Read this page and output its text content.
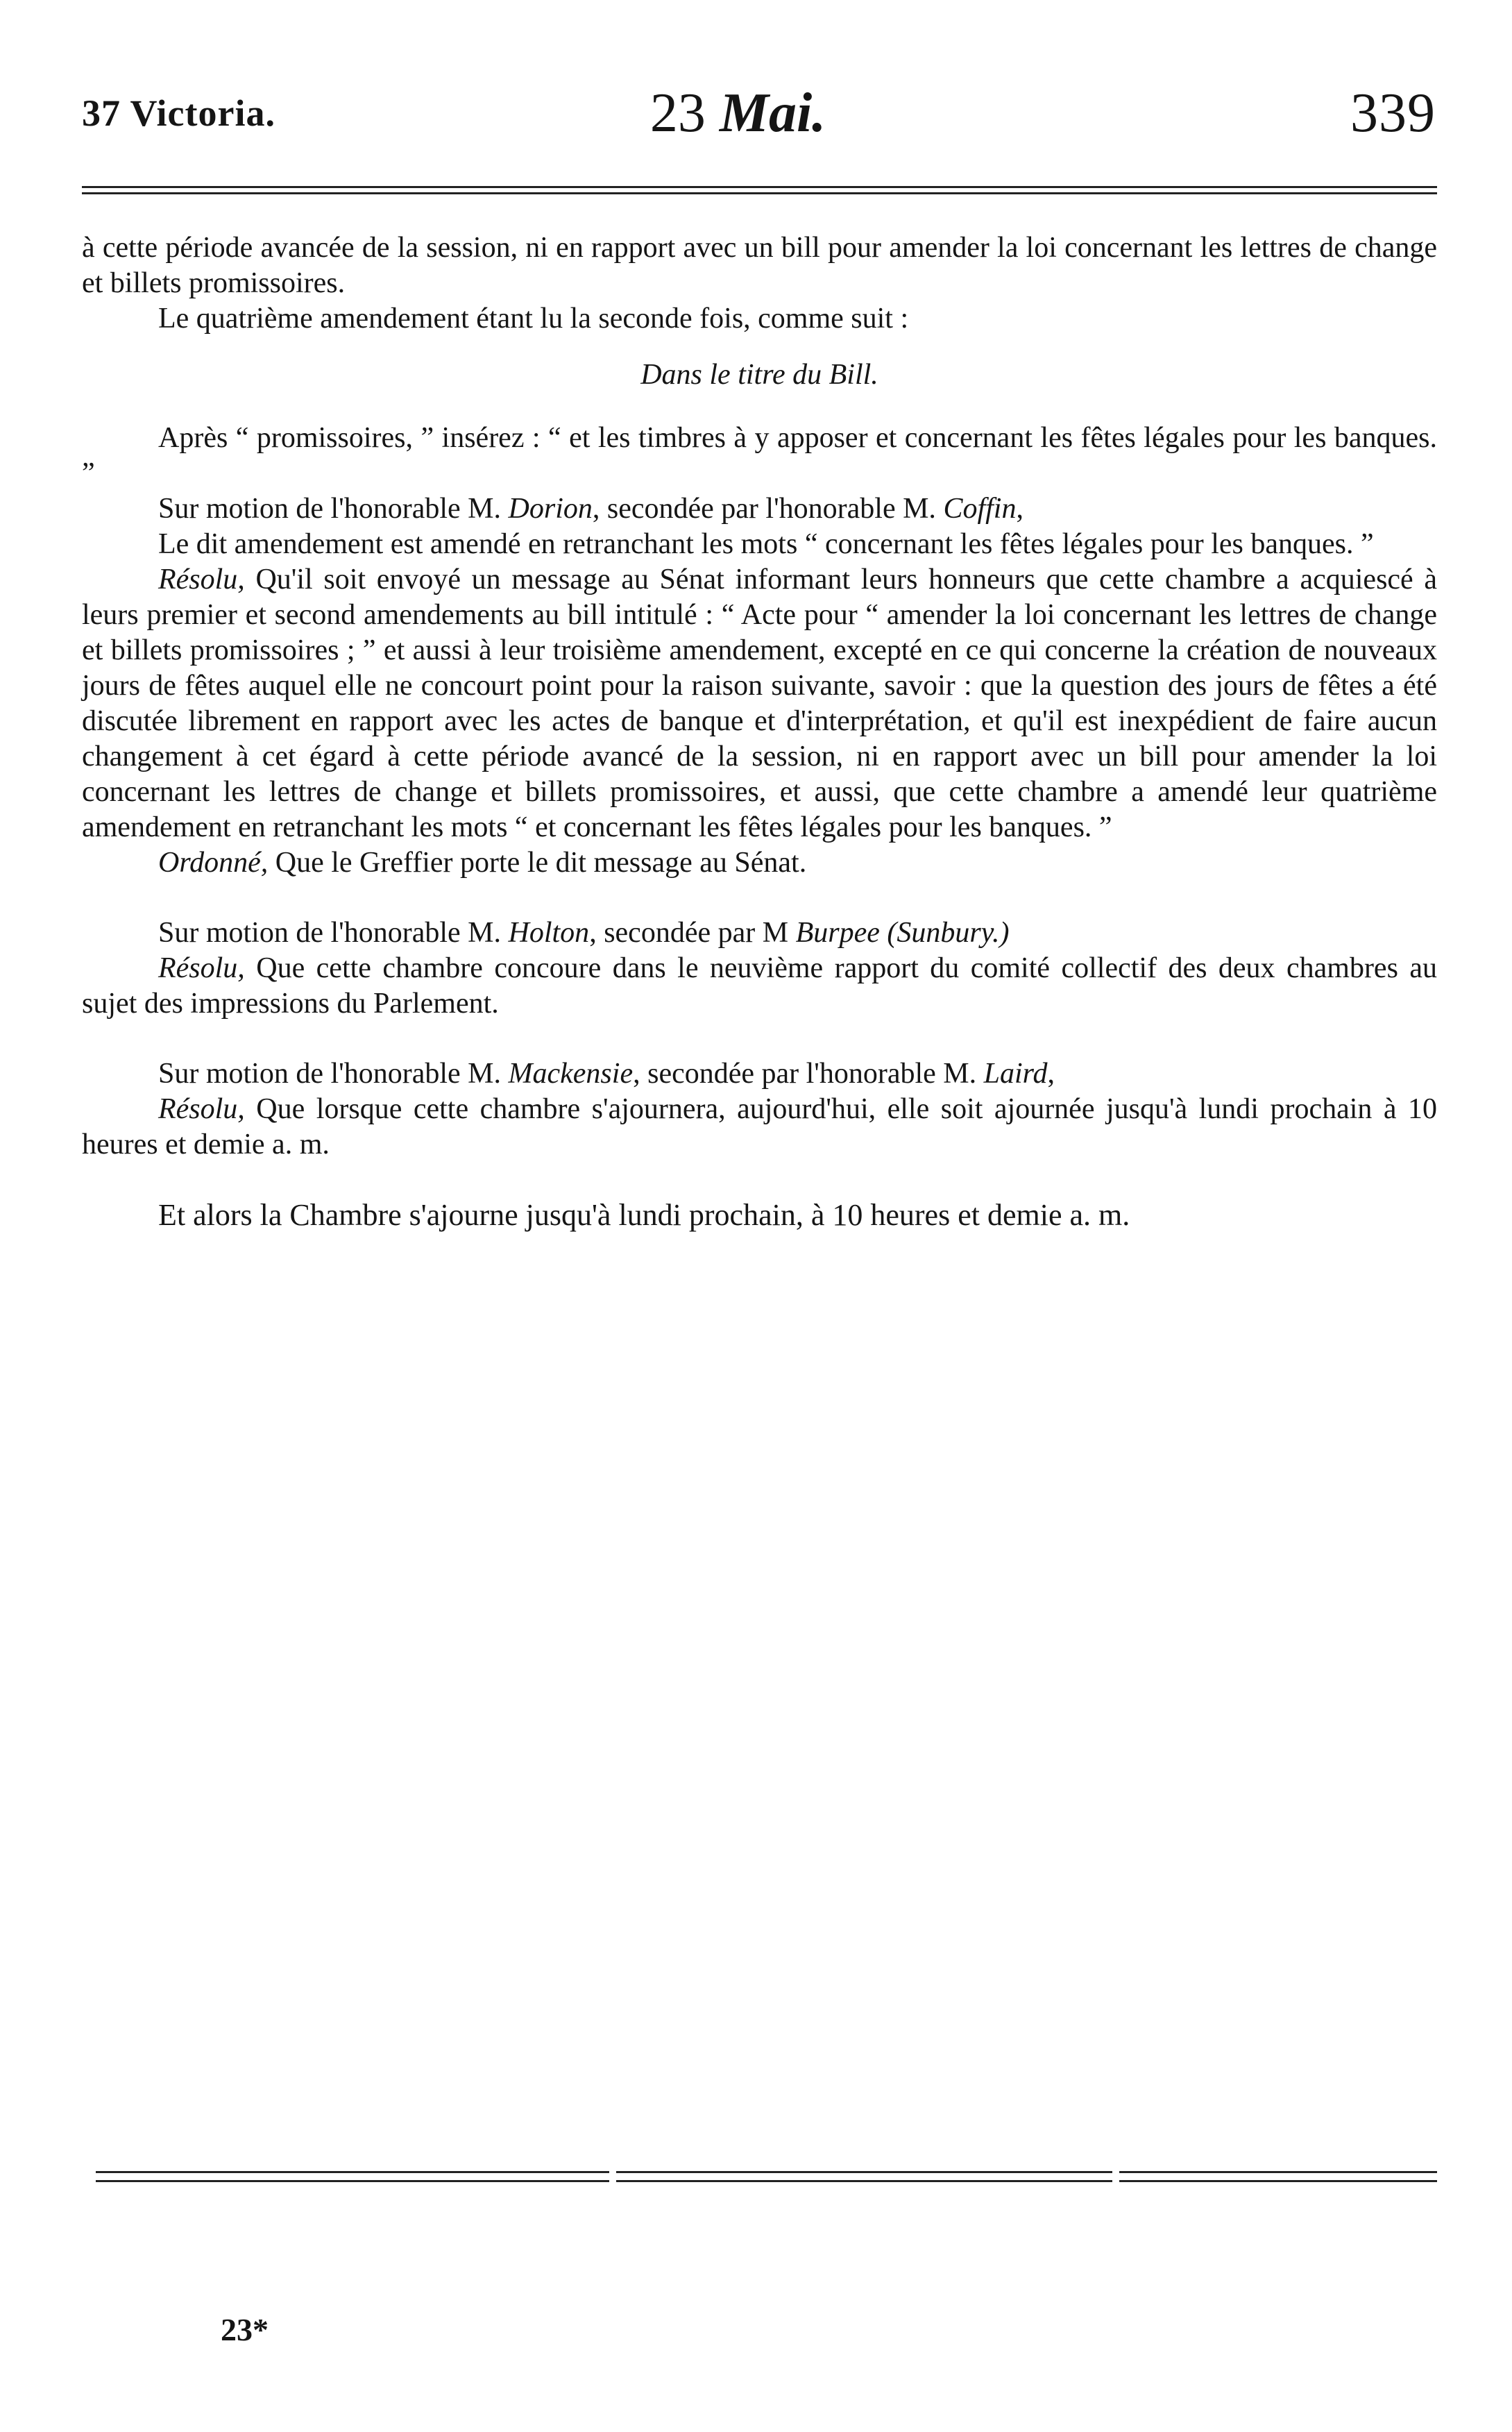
37 Victoria.	23 Mai.	339

à cette période avancée de la session, ni en rapport avec un bill pour amender la loi concernant les lettres de change et billets promissoires.

Le quatrième amendement étant lu la seconde fois, comme suit :

Dans le titre du Bill.

Après “ promissoires, ” insérez : “ et les timbres à y apposer et concernant les fêtes légales pour les banques. ”

Sur motion de l'honorable M. Dorion, secondée par l'honorable M. Coffin,

Le dit amendement est amendé en retranchant les mots “ concernant les fêtes légales pour les banques. ”

Résolu, Qu'il soit envoyé un message au Sénat informant leurs honneurs que cette chambre a acquiescé à leurs premier et second amendements au bill intitulé : “ Acte pour “ amender la loi concernant les lettres de change et billets promissoires ; ” et aussi à leur troisième amendement, excepté en ce qui concerne la création de nouveaux jours de fêtes auquel elle ne concourt point pour la raison suivante, savoir : que la question des jours de fêtes a été discutée librement en rapport avec les actes de banque et d'interprétation, et qu'il est inexpédient de faire aucun changement à cet égard à cette période avancé de la session, ni en rapport avec un bill pour amender la loi concernant les lettres de change et billets promissoires, et aussi, que cette chambre a amendé leur quatrième amendement en retranchant les mots “ et concernant les fêtes légales pour les banques. ”

Ordonné, Que le Greffier porte le dit message au Sénat.

Sur motion de l'honorable M. Holton, secondée par M Burpee (Sunbury.)

Résolu, Que cette chambre concoure dans le neuvième rapport du comité collectif des deux chambres au sujet des impressions du Parlement.

Sur motion de l'honorable M. Mackensie, secondée par l'honorable M. Laird,

Résolu, Que lorsque cette chambre s'ajournera, aujourd'hui, elle soit ajournée jusqu'à lundi prochain à 10 heures et demie a. m.

Et alors la Chambre s'ajourne jusqu'à lundi prochain, à 10 heures et demie a. m.

23*
